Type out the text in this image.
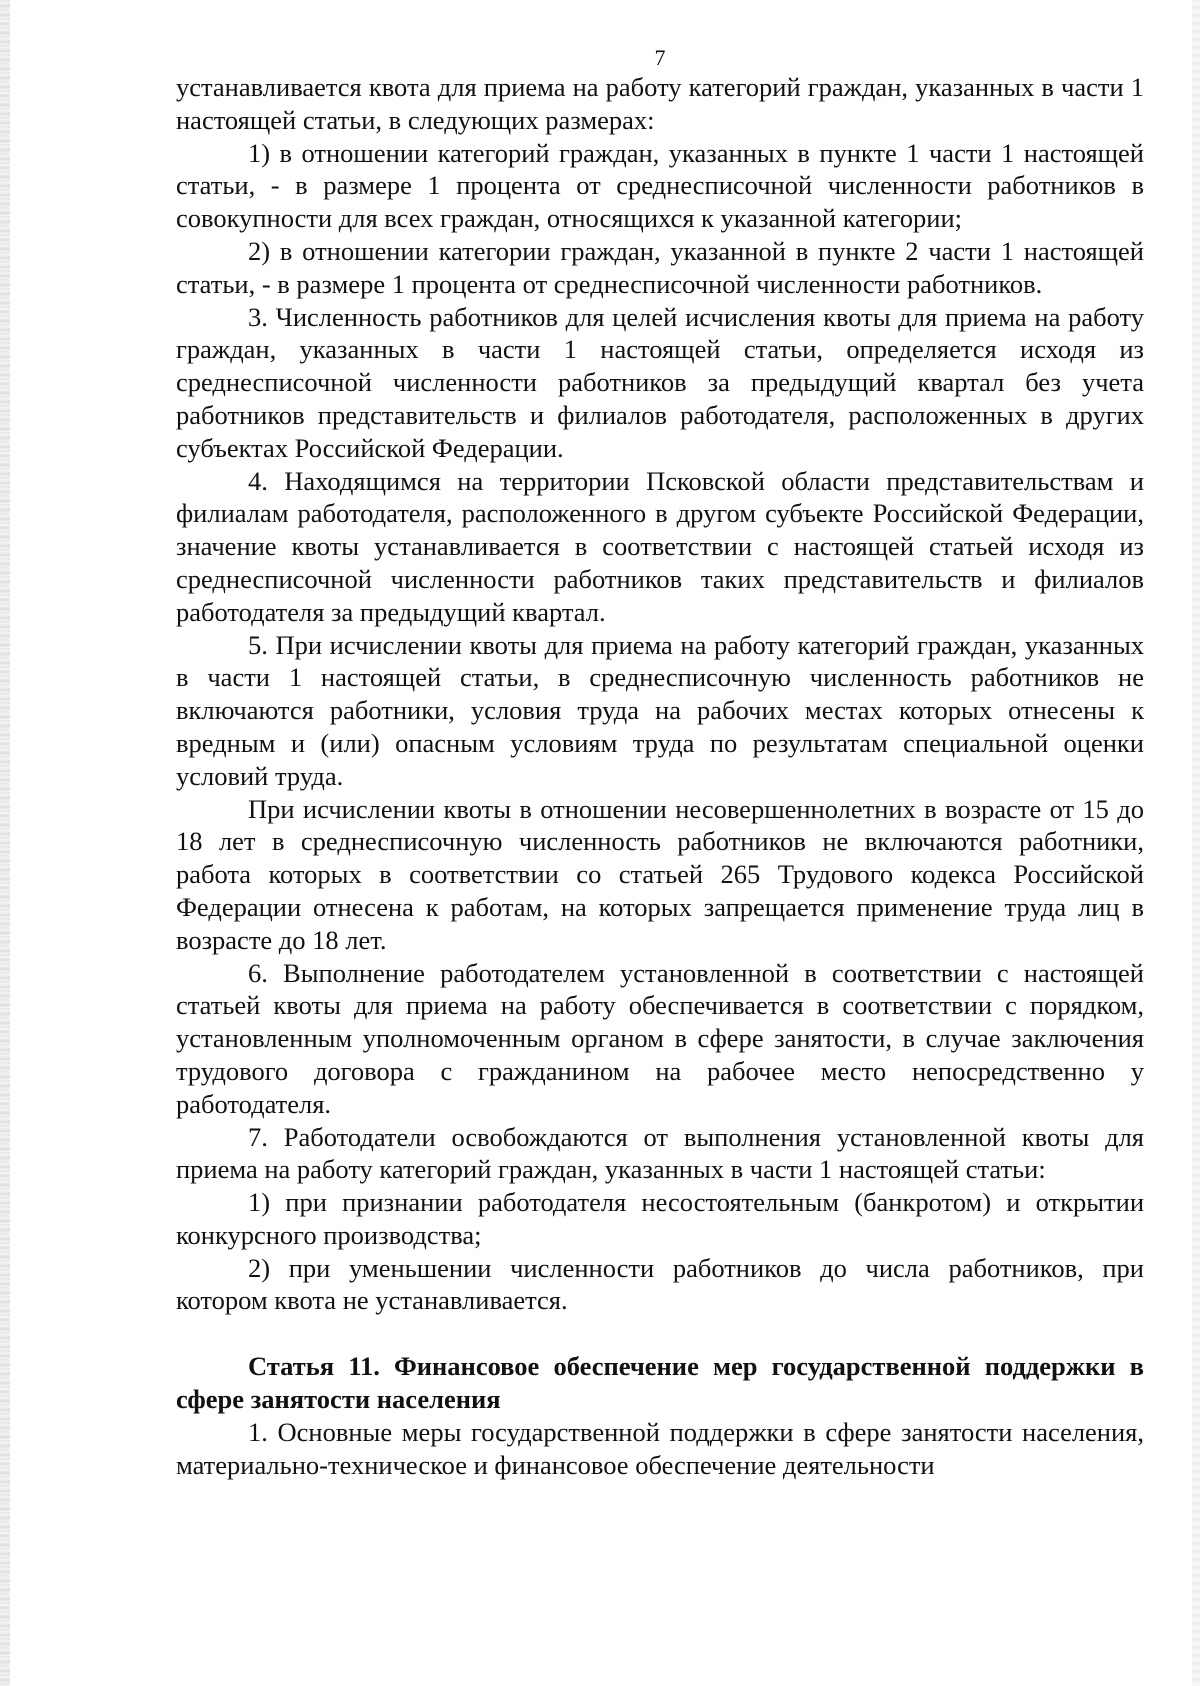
7

устанавливается квота для приема на работу категорий граждан, указанных в части 1 настоящей статьи, в следующих размерах:

1) в отношении категорий граждан, указанных в пункте 1 части 1 настоящей статьи, - в размере 1 процента от среднесписочной численности работников в совокупности для всех граждан, относящихся к указанной категории;

2) в отношении категории граждан, указанной в пункте 2 части 1 настоящей статьи, - в размере 1 процента от среднесписочной численности работников.

3. Численность работников для целей исчисления квоты для приема на работу граждан, указанных в части 1 настоящей статьи, определяется исходя из среднесписочной численности работников за предыдущий квартал без учета работников представительств и филиалов работодателя, расположенных в других субъектах Российской Федерации.

4. Находящимся на территории Псковской области представительствам и филиалам работодателя, расположенного в другом субъекте Российской Федерации, значение квоты устанавливается в соответствии с настоящей статьей исходя из среднесписочной численности работников таких представительств и филиалов работодателя за предыдущий квартал.

5. При исчислении квоты для приема на работу категорий граждан, указанных в части 1 настоящей статьи, в среднесписочную численность работников не включаются работники, условия труда на рабочих местах которых отнесены к вредным и (или) опасным условиям труда по результатам специальной оценки условий труда.

При исчислении квоты в отношении несовершеннолетних в возрасте от 15 до 18 лет в среднесписочную численность работников не включаются работники, работа которых в соответствии со статьей 265 Трудового кодекса Российской Федерации отнесена к работам, на которых запрещается применение труда лиц в возрасте до 18 лет.

6. Выполнение работодателем установленной в соответствии с настоящей статьей квоты для приема на работу обеспечивается в соответствии с порядком, установленным уполномоченным органом в сфере занятости, в случае заключения трудового договора с гражданином на рабочее место непосредственно у работодателя.

7. Работодатели освобождаются от выполнения установленной квоты для приема на работу категорий граждан, указанных в части 1 настоящей статьи:

1) при признании работодателя несостоятельным (банкротом) и открытии конкурсного производства;

2) при уменьшении численности работников до числа работников, при котором квота не устанавливается.

Статья 11. Финансовое обеспечение мер государственной поддержки в сфере занятости населения

1. Основные меры государственной поддержки в сфере занятости населения, материально-техническое и финансовое обеспечение деятельности
